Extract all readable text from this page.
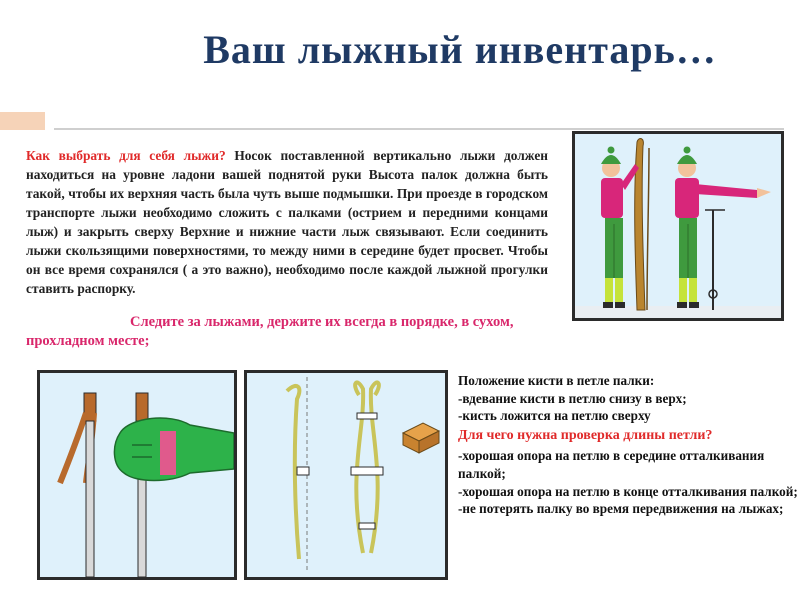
Ваш лыжный инвентарь…
Как выбрать для себя лыжи? Носок поставленной вертикально лыжи должен находиться на уровне ладони вашей поднятой руки Высота палок должна быть такой, чтобы их верхняя часть была чуть выше подмышки. При проезде в городском транспорте лыжи необходимо сложить с палками (острием и передними концами лыж) и закрыть сверху Верхние и нижние части лыж связывают. Если соединить лыжи скользящими поверхностями, то между ними в середине будет просвет. Чтобы он все время сохранялся ( а это важно), необходимо после каждой лыжной прогулки ставить распорку.
Следите за лыжами, держите их всегда в порядке, в сухом, прохладном месте;
Положение кисти в петле палки:
-вдевание кисти в петлю снизу в верх;
-кисть ложится на петлю сверху
Для чего нужна проверка длины петли?
-хорошая опора на петлю в середине отталкивания палкой;
-хорошая опора на петлю в конце отталкивания палкой;
-не потерять палку во время передвижения на лыжах;
